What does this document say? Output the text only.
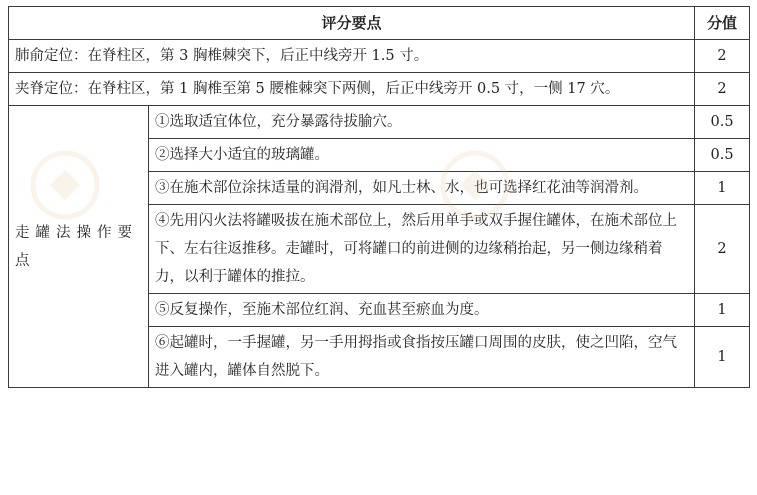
评分要点		分值
肺俞定位：在脊柱区，第 3 胸椎棘突下，后正中线旁开 1.5 寸。		2
夹脊定位：在脊柱区，第 1 胸椎至第 5 腰椎棘突下两侧，后正中线旁开 0.5 寸，一侧 17 穴。		2
走罐法操作要点	①选取适宜体位，充分暴露待拔腧穴。	0.5
	②选择大小适宜的玻璃罐。	0.5
	③在施术部位涂抹适量的润滑剂，如凡士林、水，也可选择红花油等润滑剂。	1
	④先用闪火法将罐吸拔在施术部位上，然后用单手或双手握住罐体，在施术部位上下、左右往返推移。走罐时，可将罐口的前进侧的边缘稍抬起，另一侧边缘稍着力，以利于罐体的推拉。	2
	⑤反复操作，至施术部位红润、充血甚至瘀血为度。	1
	⑥起罐时，一手握罐，另一手用拇指或食指按压罐口周围的皮肤，使之凹陷，空气进入罐内，罐体自然脱下。	1
